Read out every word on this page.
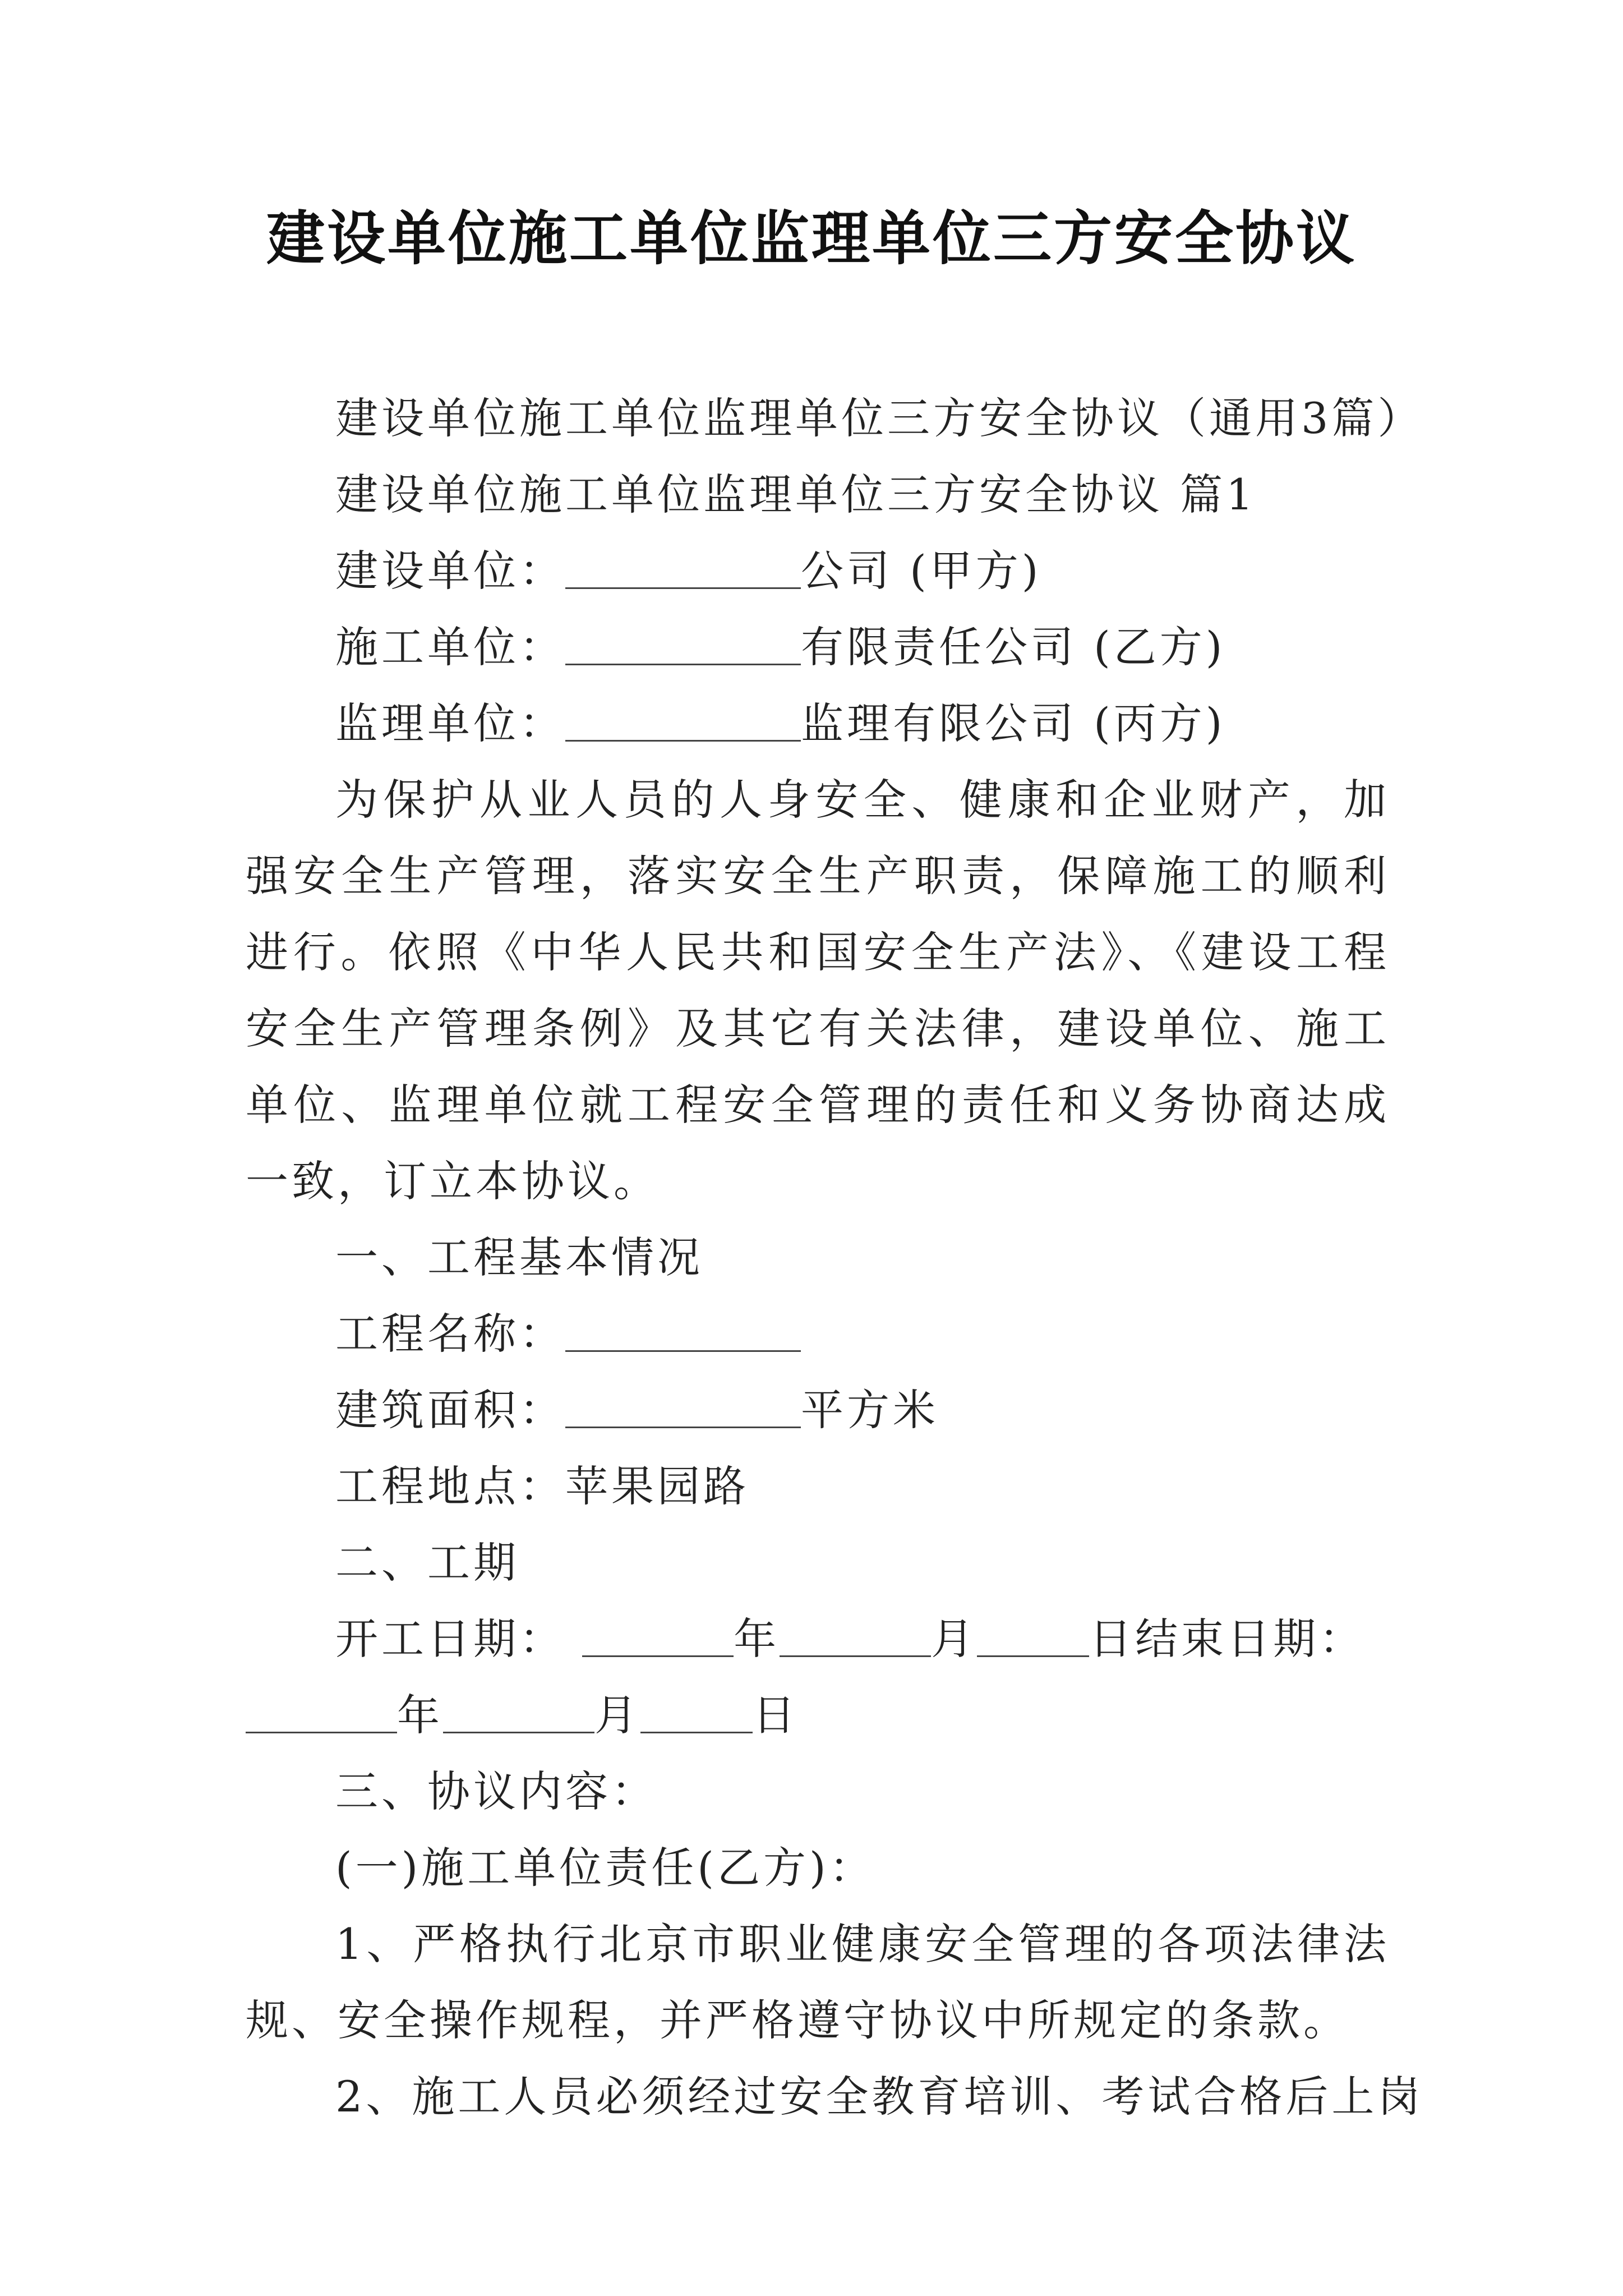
建设单位施工单位监理单位三方安全协议

建设单位施工单位监理单位三方安全协议（通用3篇）

建设单位施工单位监理单位三方安全协议 篇1

建设单位：	公司 (甲方)

施工单位：	有限责任公司 (乙方)

监理单位：	监理有限公司 (丙方)

为保护从业人员的人身安全、健康和企业财产，加强安全生产管理，落实安全生产职责，保障施工的顺利进行。依照《中华人民共和国安全生产法》、《建设工程安全生产管理条例》及其它有关法律，建设单位、施工单位、监理单位就工程安全管理的责任和义务协商达成一致，订立本协议。

一、工程基本情况

工程名称：

建筑面积：	平方米

工程地点：苹果园路

二、工期

开工日期：	年	月	日结束日期：

年	月	日

三、协议内容：

(一)施工单位责任(乙方)：

1、严格执行北京市职业健康安全管理的各项法律法规、安全操作规程，并严格遵守协议中所规定的条款。

2、施工人员必须经过安全教育培训、考试合格后上岗
